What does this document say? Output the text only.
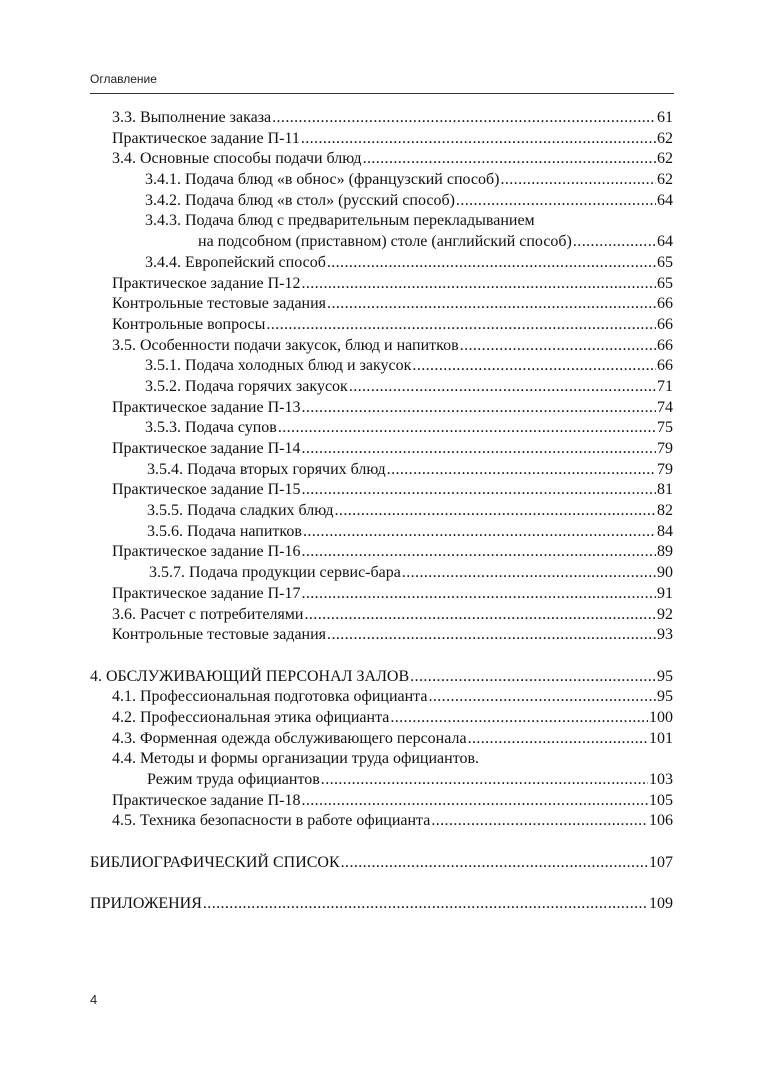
Оглавление
3.3. Выполнение заказа .....	61
Практическое задание П-11 .....	62
3.4. Основные способы подачи блюд .....	62
3.4.1. Подача блюд «в обнос» (французский способ) .....	62
3.4.2. Подача блюд «в стол» (русский способ) .....	64
3.4.3. Подача блюд с предварительным перекладыванием
на подсобном (приставном) столе (английский способ) .....	64
3.4.4. Европейский способ .....	65
Практическое задание П-12 .....	65
Контрольные тестовые задания .....	66
Контрольные вопросы .....	66
3.5. Особенности подачи закусок, блюд и напитков .....	66
3.5.1. Подача холодных блюд и закусок .....	66
3.5.2. Подача горячих закусок .....	71
Практическое задание П-13 .....	74
3.5.3. Подача супов .....	75
Практическое задание П-14 .....	79
3.5.4. Подача вторых горячих блюд .....	79
Практическое задание П-15 .....	81
3.5.5. Подача сладких блюд .....	82
3.5.6. Подача напитков .....	84
Практическое задание П-16 .....	89
3.5.7. Подача продукции сервис-бара .....	90
Практическое задание П-17 .....	91
3.6. Расчет с потребителями .....	92
Контрольные тестовые задания .....	93
4. ОБСЛУЖИВАЮЩИЙ ПЕРСОНАЛ ЗАЛОВ .....	95
4.1. Профессиональная подготовка официанта .....	95
4.2. Профессиональная этика официанта .....	100
4.3. Форменная одежда обслуживающего персонала .....	101
4.4. Методы и формы организации труда официантов.
Режим труда официантов .....	103
Практическое задание П-18 .....	105
4.5. Техника безопасности в работе официанта .....	106
БИБЛИОГРАФИЧЕСКИЙ СПИСОК .....	107
ПРИЛОЖЕНИЯ .....	109
4
